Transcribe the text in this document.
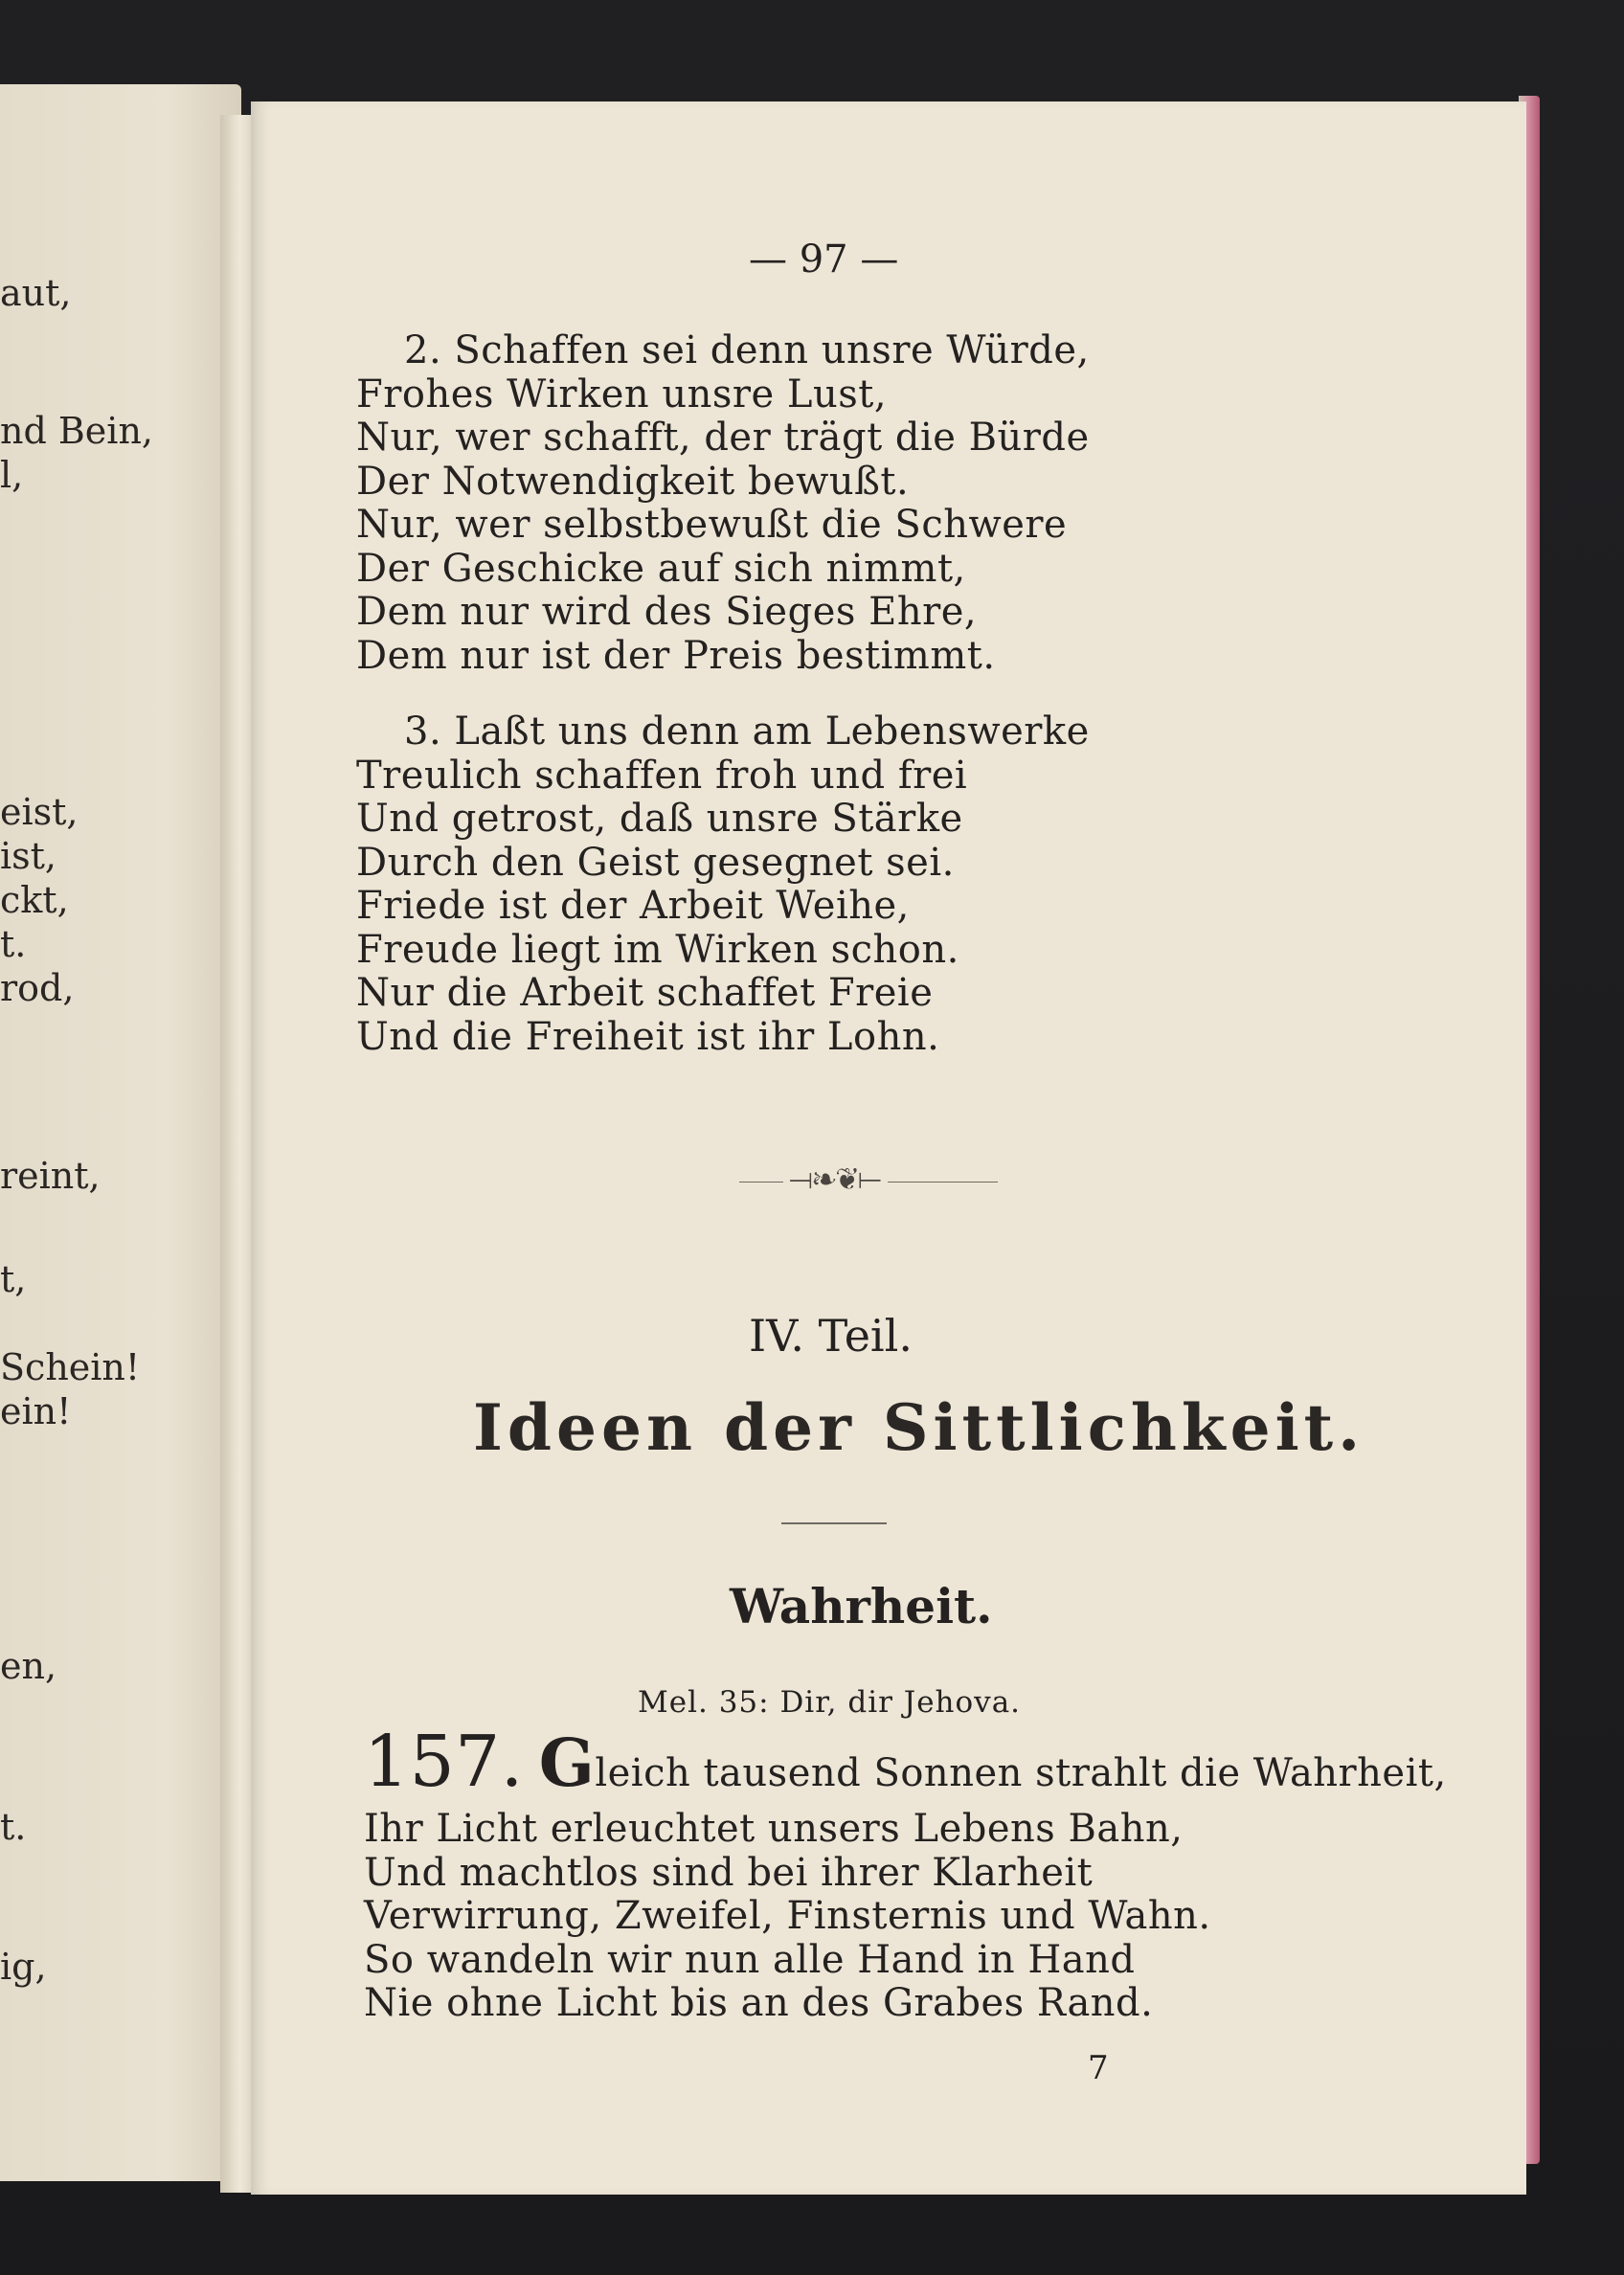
aut,
nd Bein,
l,
eist,
ist,
ckt,
t.
rod,
reint,
t,
Schein!
ein!
en,
t.
ig,
— 97 —
2. Schaffen sei denn unsre Würde,
Frohes Wirken unsre Lust,
Nur, wer schafft, der trägt die Bürde
Der Notwendigkeit bewußt.
Nur, wer selbstbewußt die Schwere
Der Geschicke auf sich nimmt,
Dem nur wird des Sieges Ehre,
Dem nur ist der Preis bestimmt.
3. Laßt uns denn am Lebenswerke
Treulich schaffen froh und frei
Und getrost, daß unsre Stärke
Durch den Geist gesegnet sei.
Friede ist der Arbeit Weihe,
Freude liegt im Wirken schon.
Nur die Arbeit schaffet Freie
Und die Freiheit ist ihr Lohn.
⟞❧❦⟝
IV. Teil.
Ideen der Sittlichkeit.
Wahrheit.
Mel. 35: Dir, dir Jehova.
157. G leich tausend Sonnen strahlt die Wahrheit,
Ihr Licht erleuchtet unsers Lebens Bahn,
Und machtlos sind bei ihrer Klarheit
Verwirrung, Zweifel, Finsternis und Wahn.
So wandeln wir nun alle Hand in Hand
Nie ohne Licht bis an des Grabes Rand.
7
